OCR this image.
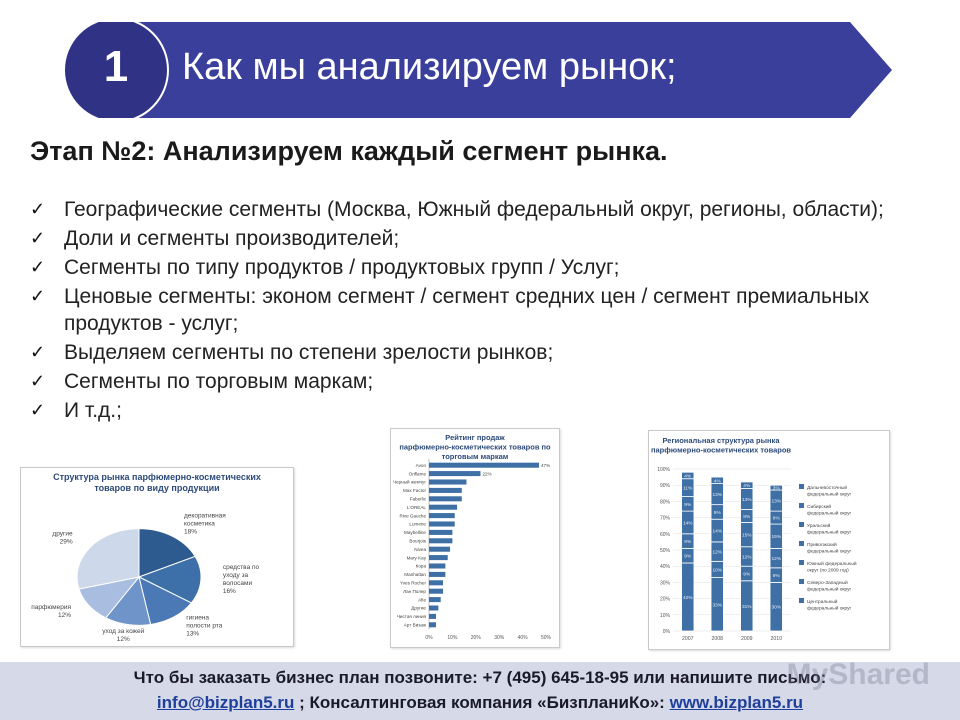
1	Как мы анализируем рынок;
Этап №2: Анализируем каждый сегмент рынка.
✓ Географические сегменты (Москва, Южный федеральный округ, регионы, области);
✓ Доли и сегменты производителей;
✓ Сегменты по типу продуктов / продуктовых групп / Услуг;
✓ Ценовые сегменты: эконом сегмент / сегмент средних цен / сегмент премиальных продуктов - услуг;
✓ Выделяем сегменты по степени зрелости рынков;
✓ Сегменты по торговым маркам;
✓ И т.д.;
Структура рынка парфюмерно-косметических
товаров по виду продукции
декоративная
косметика
18%
средства по
уходу за
волосами
16%
гигиена
полости рта
13%
уход за кожей
12%
парфюмерия
12%
другие
29%
Рейтинг продаж
парфюмерно-косметических товаров по
торговым маркам
Avon	47%
Oriflame	22%
Черный жемчуг
Max Factor
Faberlic
L'OREAL
Rive Gauche
Lumene
Maybelline
Bourjois
Nivea
Mary Kay
Кора
Manhattan
Yves Rocher
Лан Полер
Afie
Другие
Чистая линия
Арт Визаж
0%	10%	20%	30%	40%	50%
Региональная структура рынка
парфюмерно-косметических товаров
0%
10%
20%
30%
40%
50%
60%
70%
80%
90%
100%
42%
9%
9%
14%
9%
11%
4%
2007
33%
10%
12%
14%
9%
13%
4%
2008
31%
9%
12%
15%
8%
13%
4%
2009
30%
9%
12%
15%
8%
13%
3%
2010
Дальневосточный
федеральный округ
Сибирский
федеральный округ
Уральский
федеральный округ
Приволжский
федеральный округ
Южный федеральный
округ (по 2009 год)
Северо-Западный
федеральный округ
Центральный
федеральный округ
Что бы заказать бизнес план позвоните: +7 (495) 645-18-95 или напишите письмо:
info@bizplan5.ru ; Консалтинговая компания «БизпланиКо»: www.bizplan5.ru
MyShared
